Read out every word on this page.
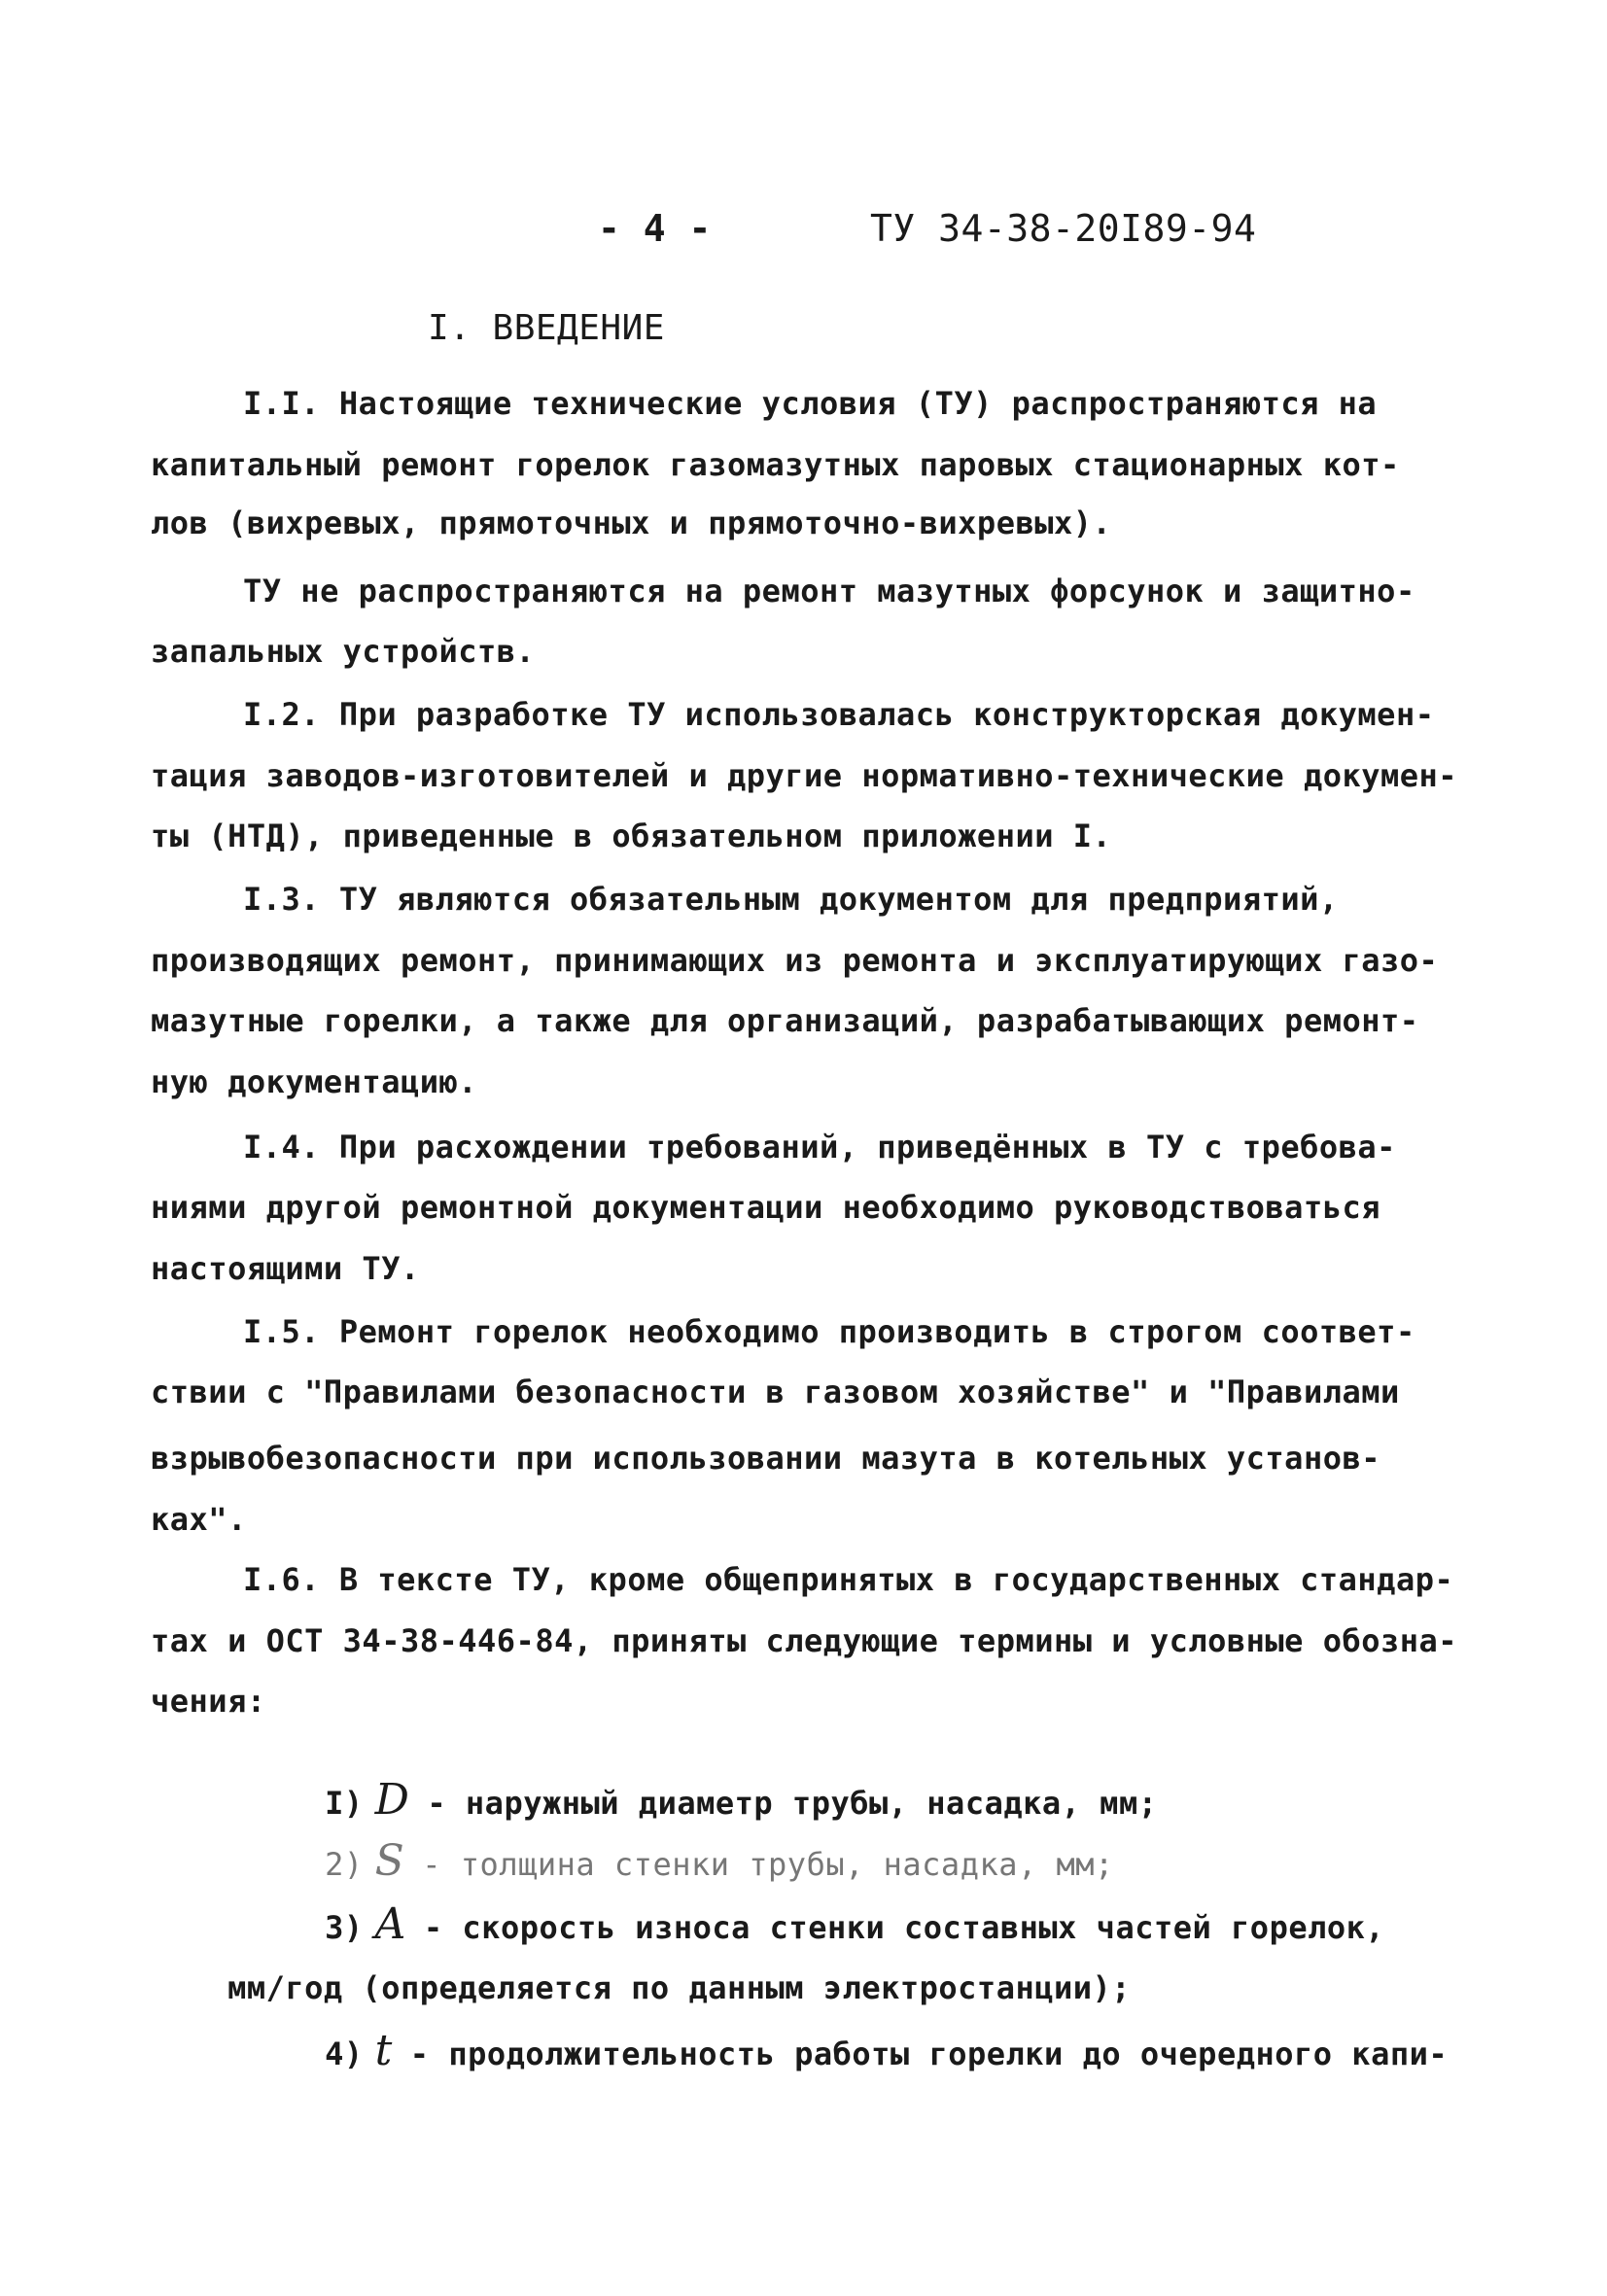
- 4 -	ТУ 34-38-20I89-94
I. ВВЕДЕНИЕ
I.I. Настоящие технические условия (ТУ) распространяются на
капитальный ремонт горелок газомазутных паровых стационарных кот-
лов (вихревых, прямоточных и прямоточно-вихревых).
ТУ не распространяются на ремонт мазутных форсунок и защитно-
запальных устройств.
I.2. При разработке ТУ использовалась конструкторская докумен-
тация заводов-изготовителей и другие нормативно-технические докумен-
ты (НТД), приведенные в обязательном приложении I.
I.3. ТУ являются обязательным документом для предприятий,
производящих ремонт, принимающих из ремонта и эксплуатирующих газо-
мазутные горелки, а также для организаций, разрабатывающих ремонт-
ную документацию.
I.4. При расхождении требований, приведённых в ТУ с требова-
ниями другой ремонтной документации необходимо руководствоваться
настоящими ТУ.
I.5. Ремонт горелок необходимо производить в строгом соответ-
ствии с "Правилами безопасности в газовом хозяйстве" и "Правилами
взрывобезопасности при использовании мазута в котельных установ-
ках".
I.6. В тексте ТУ, кроме общепринятых в государственных стандар-
тах и ОСТ 34-38-446-84, приняты следующие термины и условные обозна-
чения:

I) D - наружный диаметр трубы, насадка, мм;

2) S - толщина стенки трубы, насадка, мм;

3) A - скорость износа стенки составных частей горелок,

мм/год (определяется по данным электростанции);

4) t - продолжительность работы горелки до очередного капи-
